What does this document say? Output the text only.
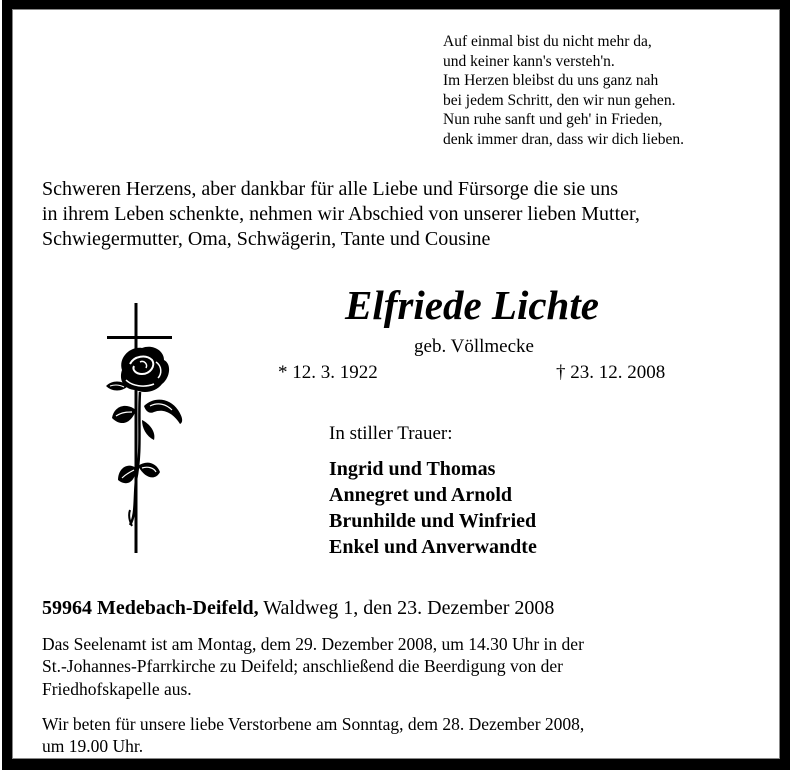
Auf einmal bist du nicht mehr da,
und keiner kann's versteh'n.
Im Herzen bleibst du uns ganz nah
bei jedem Schritt, den wir nun gehen.
Nun ruhe sanft und geh' in Frieden,
denk immer dran, dass wir dich lieben.
Schweren Herzens, aber dankbar für alle Liebe und Fürsorge die sie uns
in ihrem Leben schenkte, nehmen wir Abschied von unserer lieben Mutter,
Schwiegermutter, Oma, Schwägerin, Tante und Cousine
Elfriede Lichte
geb. Völlmecke
* 12. 3. 1922	† 23. 12. 2008
In stiller Trauer:
Ingrid und Thomas
Annegret und Arnold
Brunhilde und Winfried
Enkel und Anverwandte
59964 Medebach-Deifeld, Waldweg 1, den 23. Dezember 2008
Das Seelenamt ist am Montag, dem 29. Dezember 2008, um 14.30 Uhr in der
St.-Johannes-Pfarrkirche zu Deifeld; anschließend die Beerdigung von der
Friedhofskapelle aus.
Wir beten für unsere liebe Verstorbene am Sonntag, dem 28. Dezember 2008,
um 19.00 Uhr.
